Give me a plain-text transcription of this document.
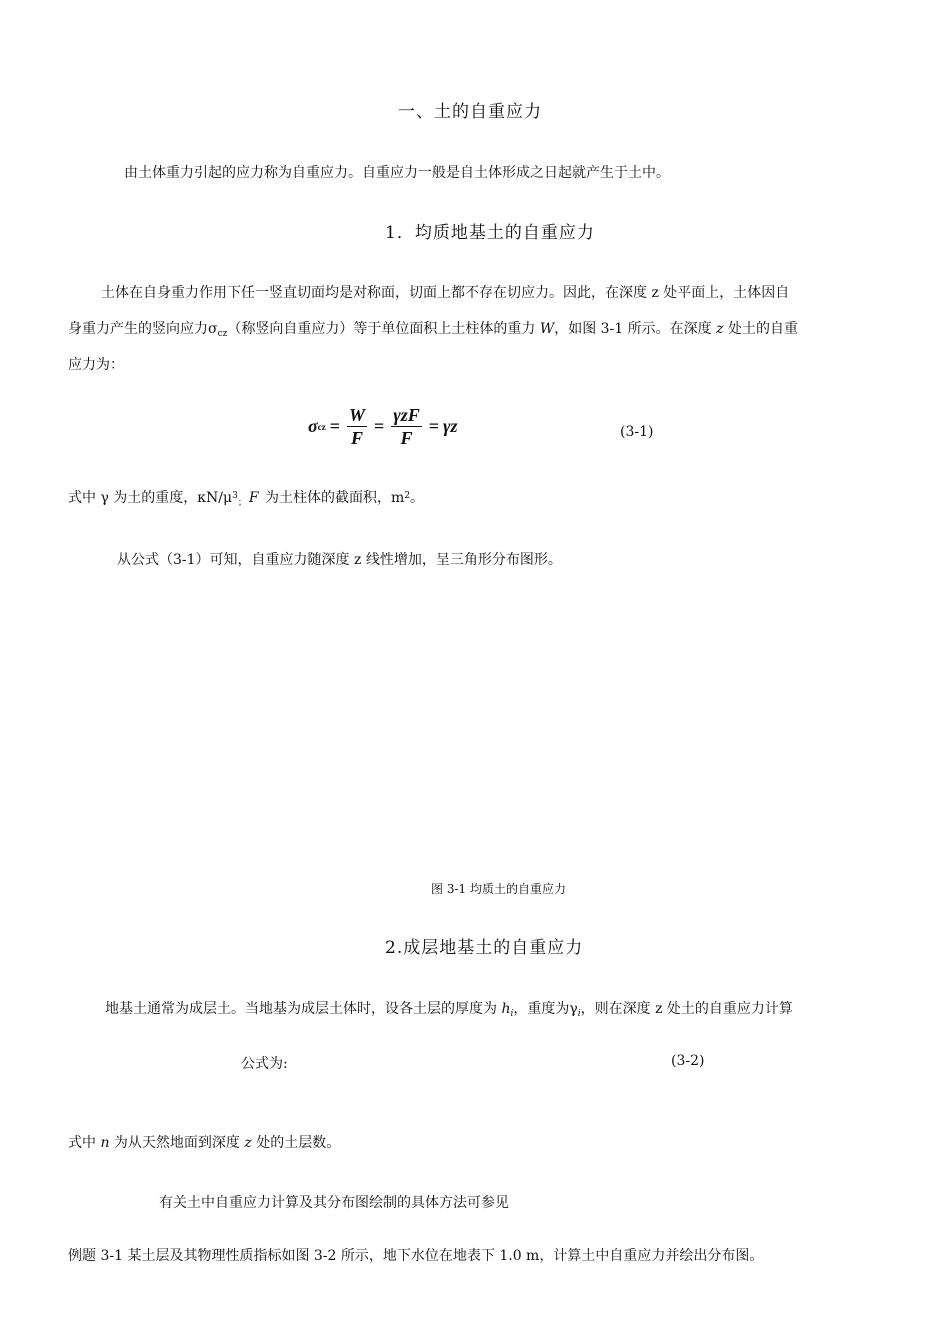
一、土的自重应力
由土体重力引起的应力称为自重应力。自重应力一般是自土体形成之日起就产生于土中。
1．均质地基土的自重应力
土体在自身重力作用下任一竖直切面均是对称面，切面上都不存在切应力。因此，在深度 z 处平面上，土体因自
身重力产生的竖向应力$\sigma_{cz}$（称竖向自重应力）等于单位面积上土柱体的重力 W，如图 3-1 所示。在深度 z 处土的自重
应力为：
σ cz = $\frac{W}{F} = \frac{\text{γzF}}{F} = \gamma z$	(3-1)
式中 γ 为土的重度，$\kappa N/\mu^3_;$ F 为土柱体的截面积，$m^2$。
从公式（3-1）可知，自重应力随深度 z 线性增加，呈三角形分布图形。
图 3-1 均质土的自重应力
2.成层地基土的自重应力
地基土通常为成层土。当地基为成层土体时，设各土层的厚度为 $h_i$，重度为$\gamma_i$，则在深度 z 处土的自重应力计算
公式为:	(3-2)
式中 n 为从天然地面到深度 z 处的土层数。
有关土中自重应力计算及其分布图绘制的具体方法可参见
例题 3-1 某土层及其物理性质指标如图 3-2 所示，地下水位在地表下 1.0 m，计算土中自重应力并绘出分布图。
